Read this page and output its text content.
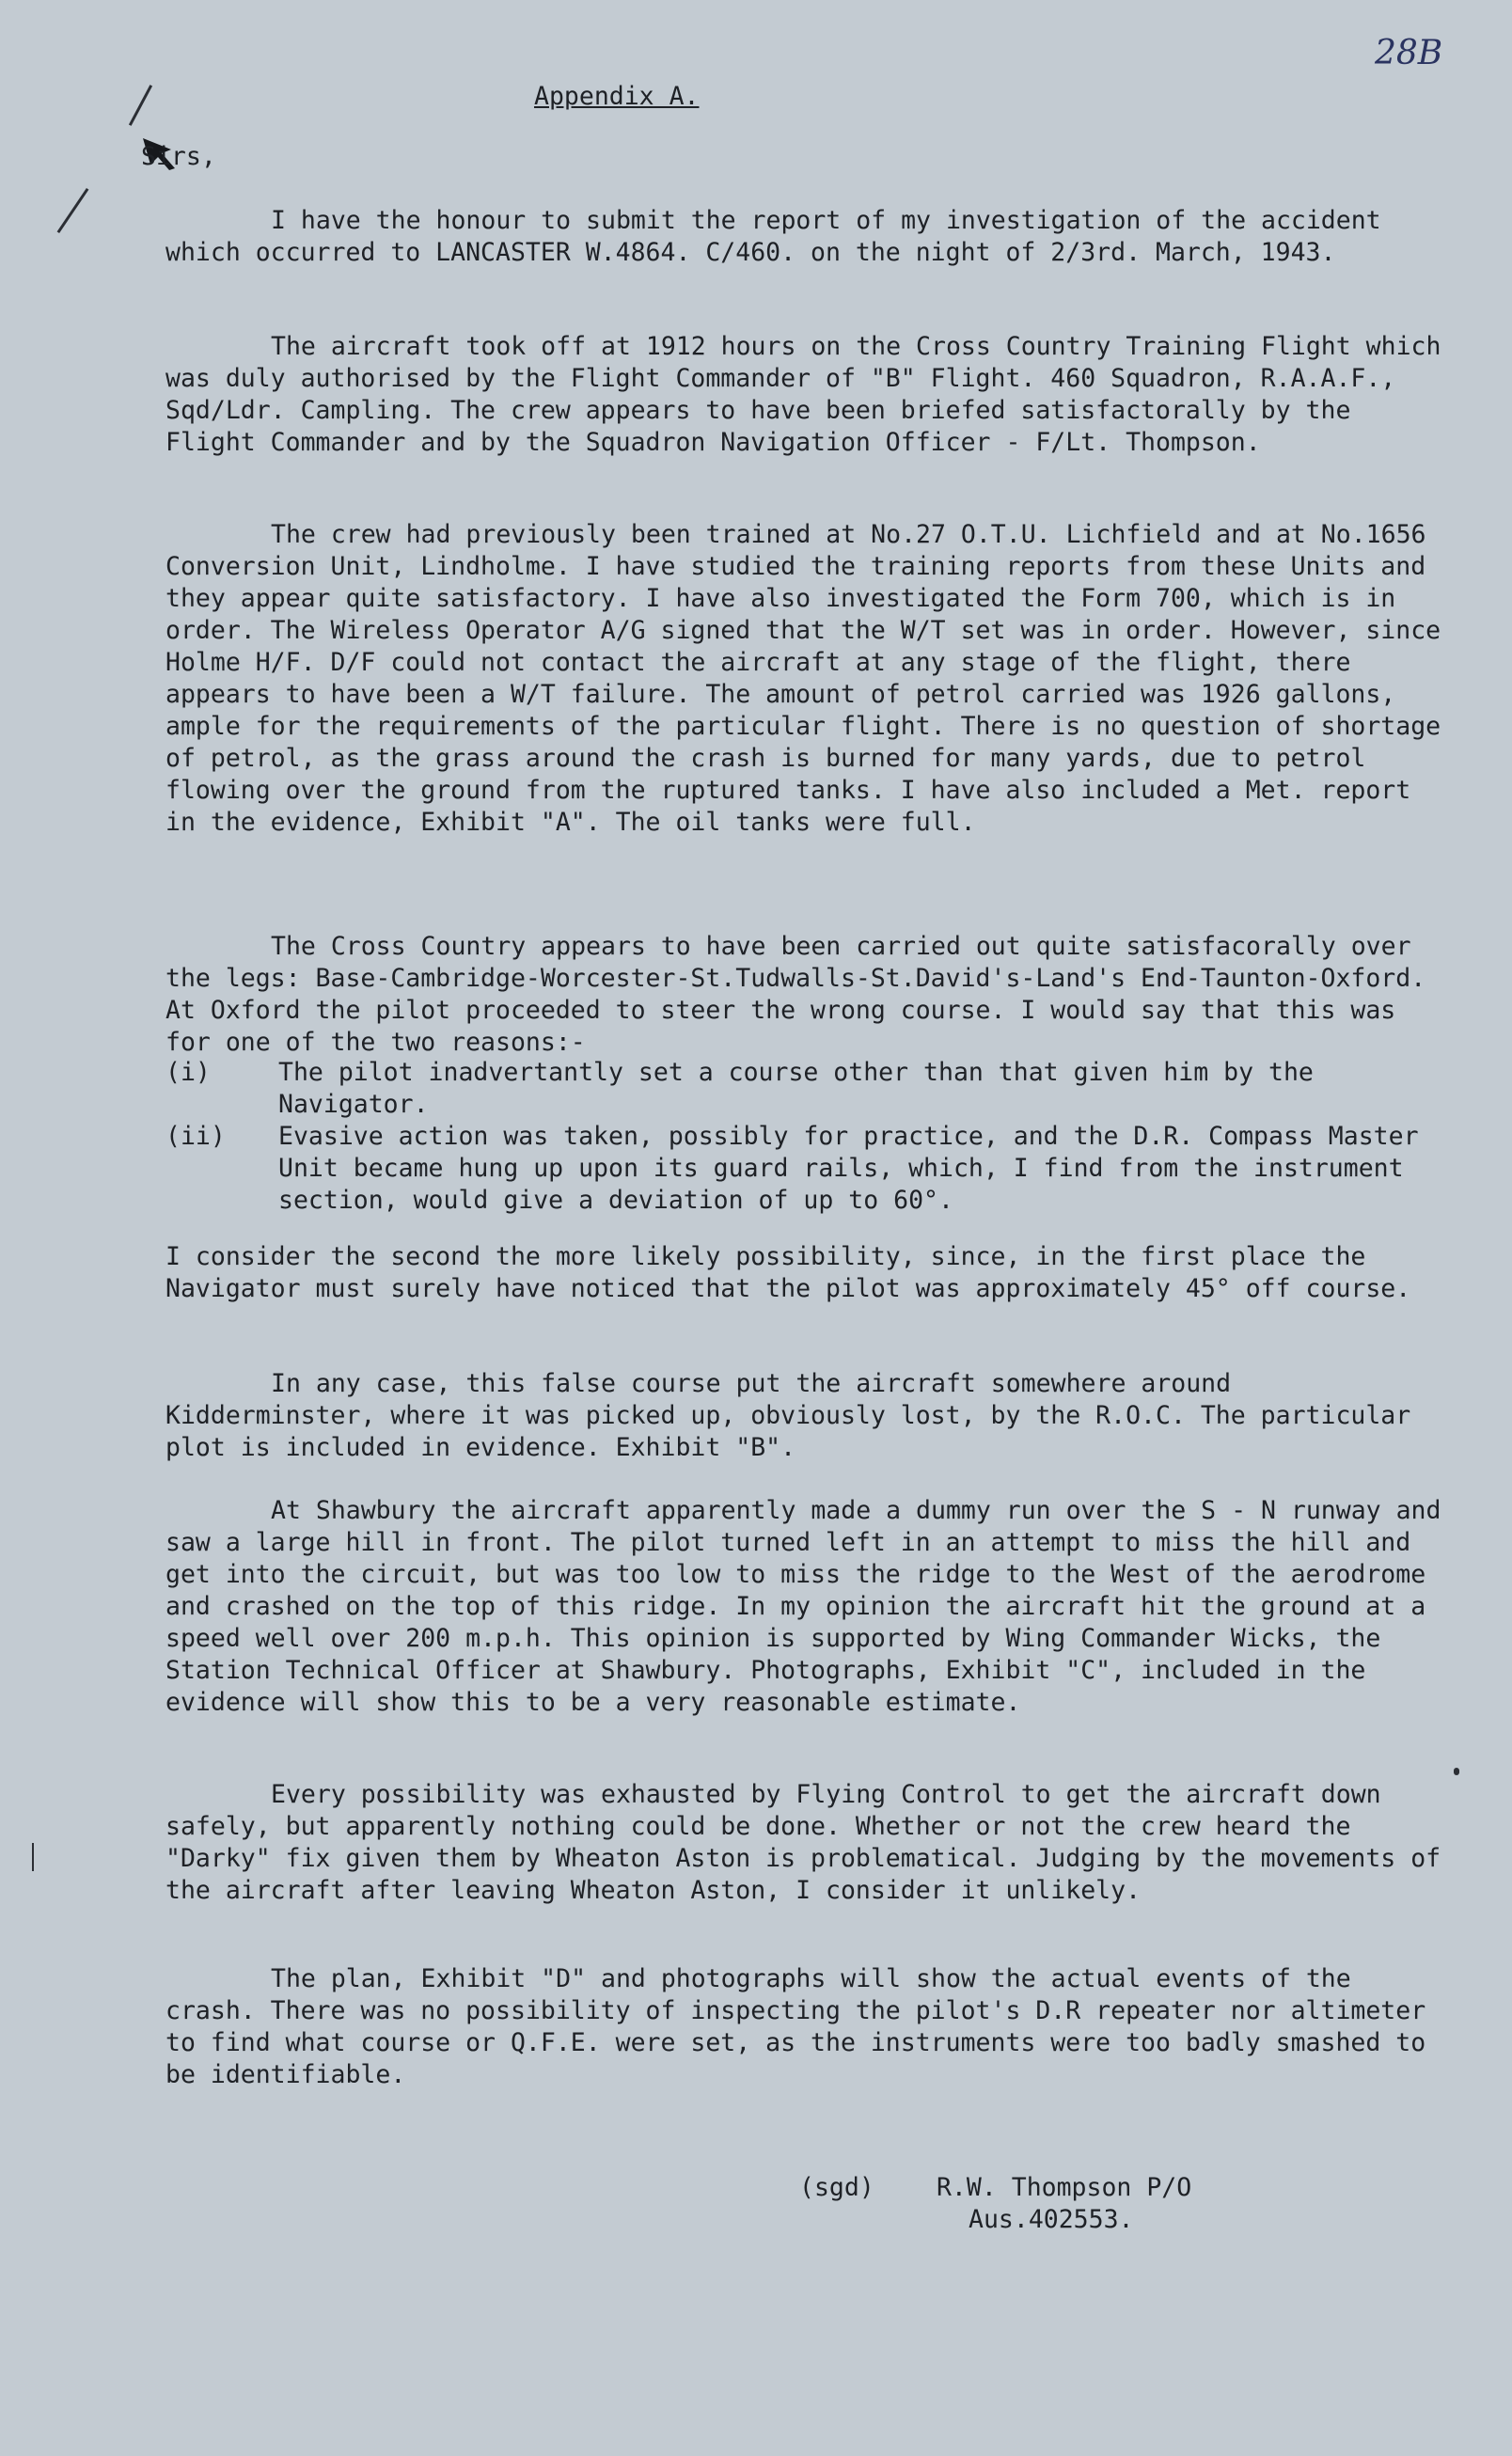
28B
Appendix A.
Sirs,

I have the honour to submit the report of my investigation of the accident which occurred to LANCASTER W.4864. C/460. on the night of 2/3rd. March, 1943.

The aircraft took off at 1912 hours on the Cross Country Training Flight which was duly authorised by the Flight Commander of "B" Flight. 460 Squadron, R.A.A.F., Sqd/Ldr. Campling. The crew appears to have been briefed satisfactorally by the Flight Commander and by the Squadron Navigation Officer - F/Lt. Thompson.

The crew had previously been trained at No.27 O.T.U. Lichfield and at No.1656 Conversion Unit, Lindholme. I have studied the training reports from these Units and they appear quite satisfactory. I have also investigated the Form 700, which is in order. The Wireless Operator A/G signed that the W/T set was in order. However, since Holme H/F. D/F could not contact the aircraft at any stage of the flight, there appears to have been a W/T failure. The amount of petrol carried was 1926 gallons, ample for the requirements of the particular flight. There is no question of shortage of petrol, as the grass around the crash is burned for many yards, due to petrol flowing over the ground from the ruptured tanks. I have also included a Met. report in the evidence, Exhibit "A". The oil tanks were full.

The Cross Country appears to have been carried out quite satisfacorally over the legs: Base-Cambridge-Worcester-St.Tudwalls-St.David's-Land's End-Taunton-Oxford. At Oxford the pilot proceeded to steer the wrong course. I would say that this was for one of the two reasons:-

(i)	The pilot inadvertantly set a course other than that given him by the Navigator.
(ii) Evasive action was taken, possibly for practice, and the D.R. Compass Master Unit became hung up upon its guard rails, which, I find from the instrument section, would give a deviation of up to 60°.

I consider the second the more likely possibility, since, in the first place the Navigator must surely have noticed that the pilot was approximately 45° off course.

In any case, this false course put the aircraft somewhere around Kidderminster, where it was picked up, obviously lost, by the R.O.C. The particular plot is included in evidence. Exhibit "B".

At Shawbury the aircraft apparently made a dummy run over the S - N runway and saw a large hill in front. The pilot turned left in an attempt to miss the hill and get into the circuit, but was too low to miss the ridge to the West of the aerodrome and crashed on the top of this ridge. In my opinion the aircraft hit the ground at a speed well over 200 m.p.h. This opinion is supported by Wing Commander Wicks, the Station Technical Officer at Shawbury. Photographs, Exhibit "C", included in the evidence will show this to be a very reasonable estimate.

Every possibility was exhausted by Flying Control to get the aircraft down safely, but apparently nothing could be done. Whether or not the crew heard the "Darky" fix given them by Wheaton Aston is problematical. Judging by the movements of the aircraft after leaving Wheaton Aston, I consider it unlikely.

The plan, Exhibit "D" and photographs will show the actual events of the crash. There was no possibility of inspecting the pilot's D.R repeater nor altimeter to find what course or Q.F.E. were set, as the instruments were too badly smashed to be identifiable.

(sgd) R.W. Thompson P/O
Aus.402553.
